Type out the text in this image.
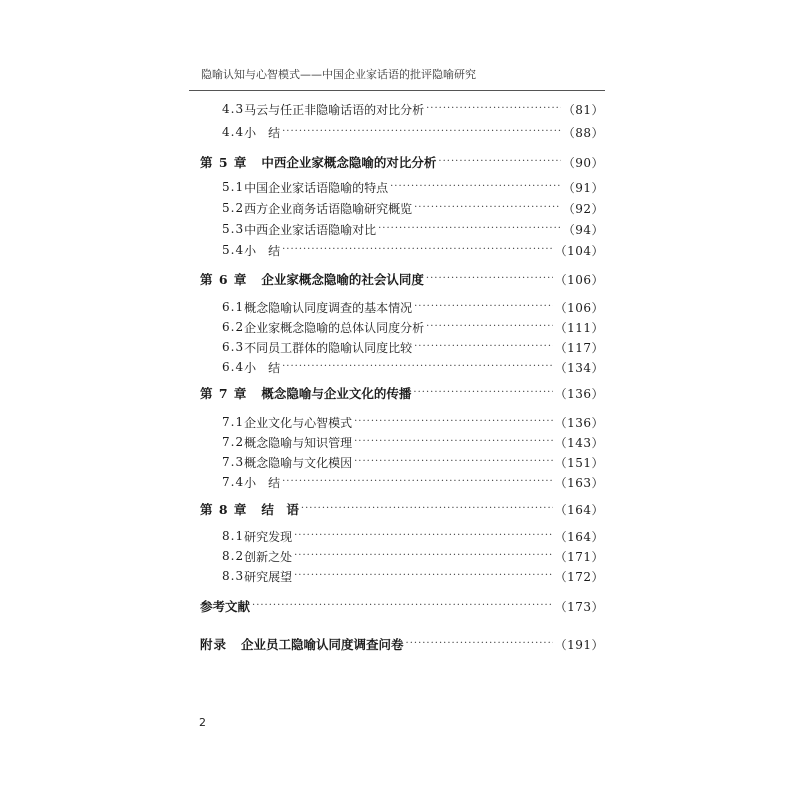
隐喻认知与心智模式——中国企业家话语的批评隐喻研究
4.3 马云与任正非隐喻话语的对比分析 ·····	（81）
4.4 小　结 ·····	（88）
第 5 章 中西企业家概念隐喻的对比分析 ·····	（90）
5.1 中国企业家话语隐喻的特点 ·····	（91）
5.2 西方企业商务话语隐喻研究概览 ·····	（92）
5.3 中西企业家话语隐喻对比 ·····	（94）
5.4 小　结 ·····	（104）
第 6 章 企业家概念隐喻的社会认同度 ·····	（106）
6.1 概念隐喻认同度调查的基本情况 ·····	（106）
6.2 企业家概念隐喻的总体认同度分析 ·····	（111）
6.3 不同员工群体的隐喻认同度比较 ·····	（117）
6.4 小　结 ·····	（134）
第 7 章 概念隐喻与企业文化的传播 ·····	（136）
7.1 企业文化与心智模式 ·····	（136）
7.2 概念隐喻与知识管理 ·····	（143）
7.3 概念隐喻与文化模因 ·····	（151）
7.4 小　结 ·····	（163）
第 8 章 结　语 ·····	（164）
8.1 研究发现 ·····	（164）
8.2 创新之处 ·····	（171）
8.3 研究展望 ·····	（172）
参考文献 ·····	（173）
附录 企业员工隐喻认同度调查问卷 ·····	（191）
2
